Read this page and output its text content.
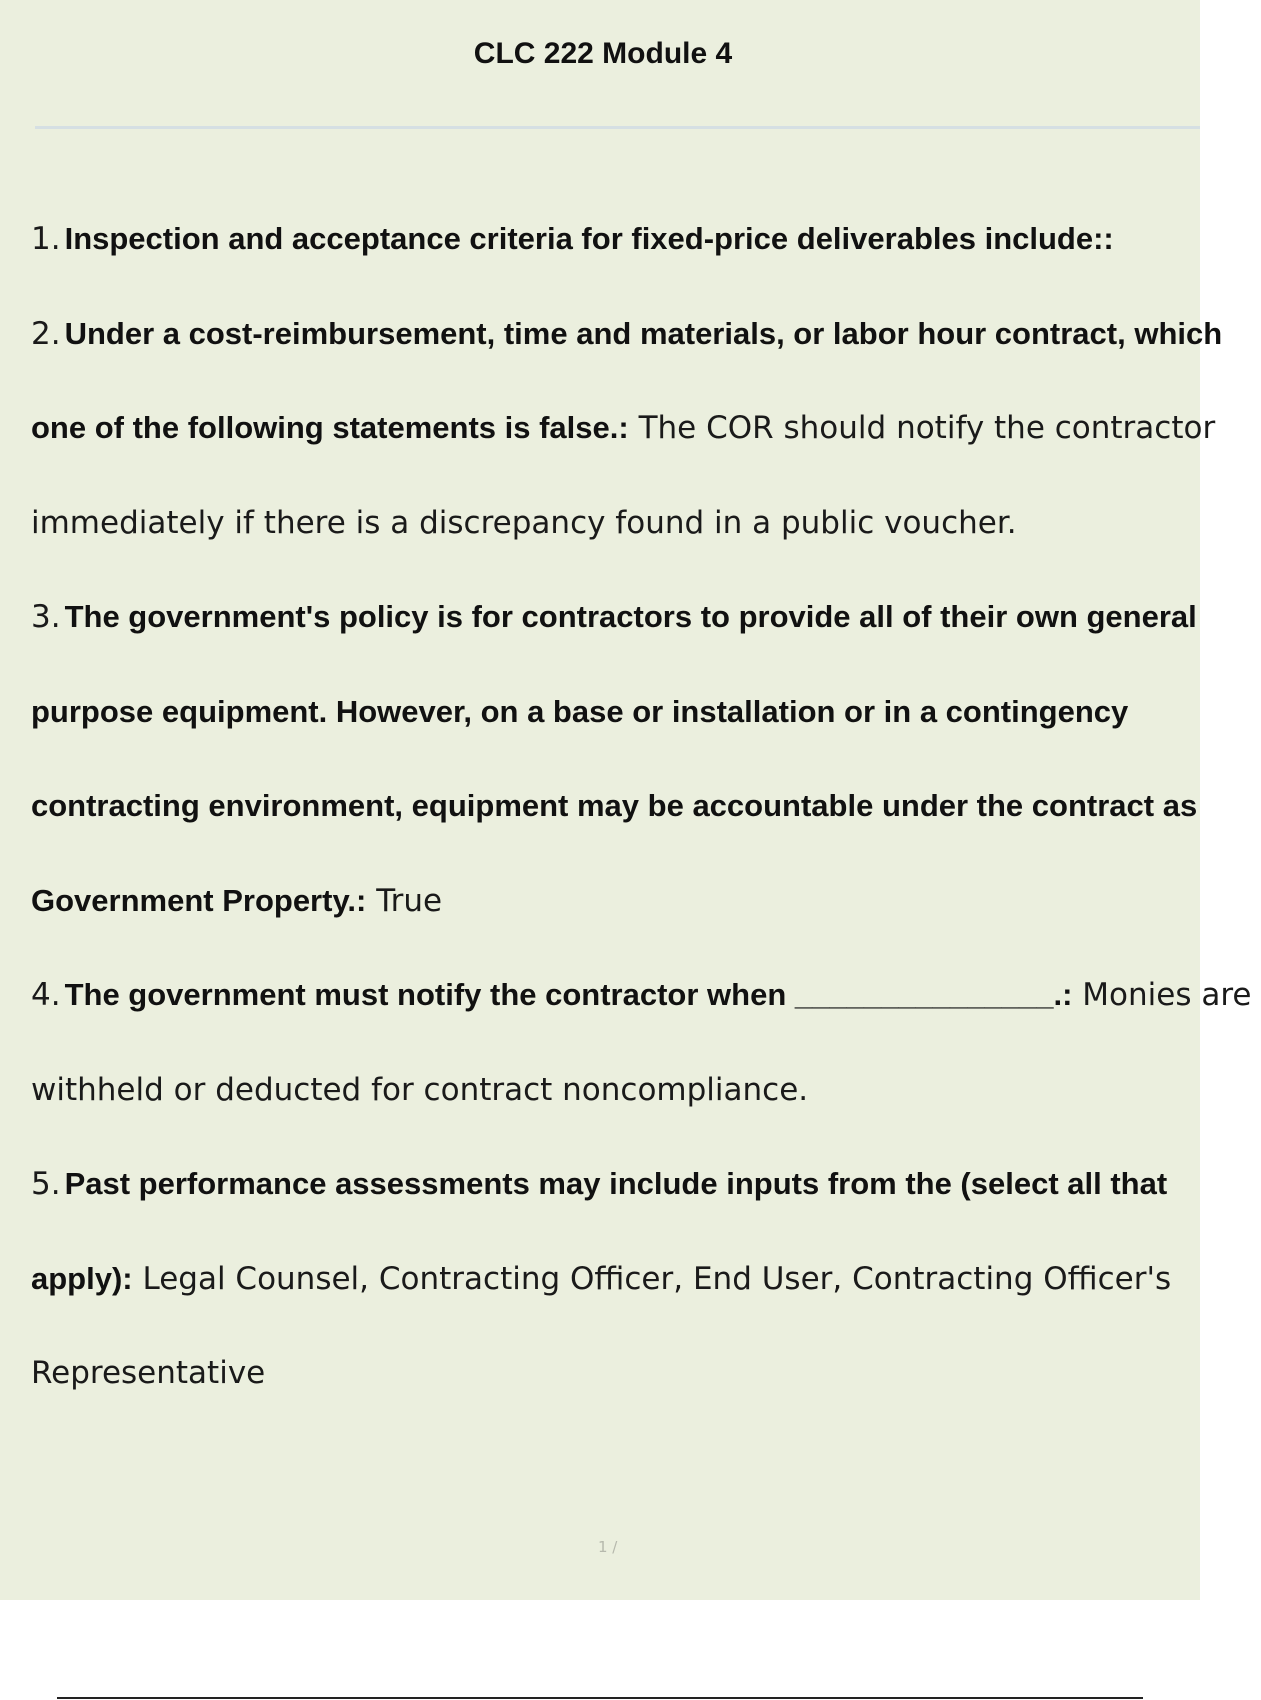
CLC 222 Module 4
1. Inspection and acceptance criteria for fixed-price deliverables include::
2. Under a cost-reimbursement, time and materials, or labor hour contract, which one of the following statements is false.: The COR should notify the contractor immediately if there is a discrepancy found in a public voucher.
3. The government's policy is for contractors to provide all of their own general purpose equipment. However, on a base or installation or in a contingency contracting environment, equipment may be accountable under the contract as Government Property.: True
4. The government must notify the contractor when _______________.: Monies are withheld or deducted for contract noncompliance.
5. Past performance assessments may include inputs from the (select all that apply): Legal Counsel, Contracting Officer, End User, Contracting Officer's Representative
1 /
